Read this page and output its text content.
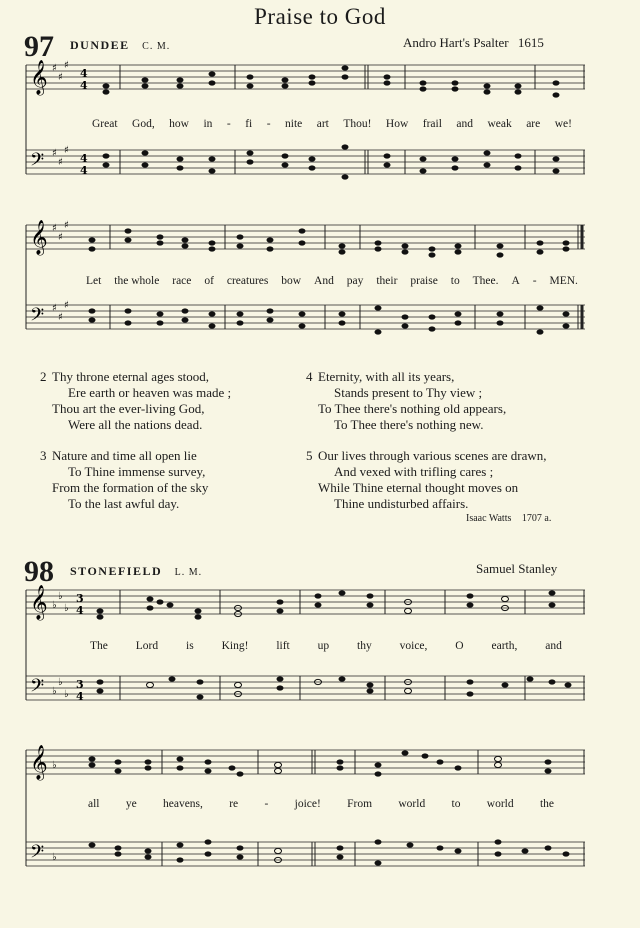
Praise to God
97 DUNDEE C. M.	Andro Hart's Psalter 1615
𝄞
𝄢
♯
♯
♯
♯
♯
♯
4
4
4
4
Great God, how in - fi - nite art Thou! How frail and weak are we!
𝄞
𝄢
♯
♯
♯
♯
♯
♯
Let the whole race of creatures bow And pay their praise to Thee. A - MEN.
2 Thy throne eternal ages stood,
Ere earth or heaven was made ;
Thou art the ever-living God,
Were all the nations dead.
3 Nature and time all open lie
To Thine immense survey,
From the formation of the sky
To the last awful day.
4 Eternity, with all its years,
Stands present to Thy view ;
To Thee there's nothing old appears,
To Thee there's nothing new.
5 Our lives through various scenes are drawn,
And vexed with trifling cares ;
While Thine eternal thought moves on
Thine undisturbed affairs.
Isaac Watts 1707 a.
98 STONEFIELD L. M.	Samuel Stanley
𝄞
𝄢
♭
♭
♭
♭
♭
♭
3
4
3
4
The Lord is King! lift up thy voice, O earth, and
𝄞
𝄢
♭
♭
all ye heavens, re - joice! From world to world the
